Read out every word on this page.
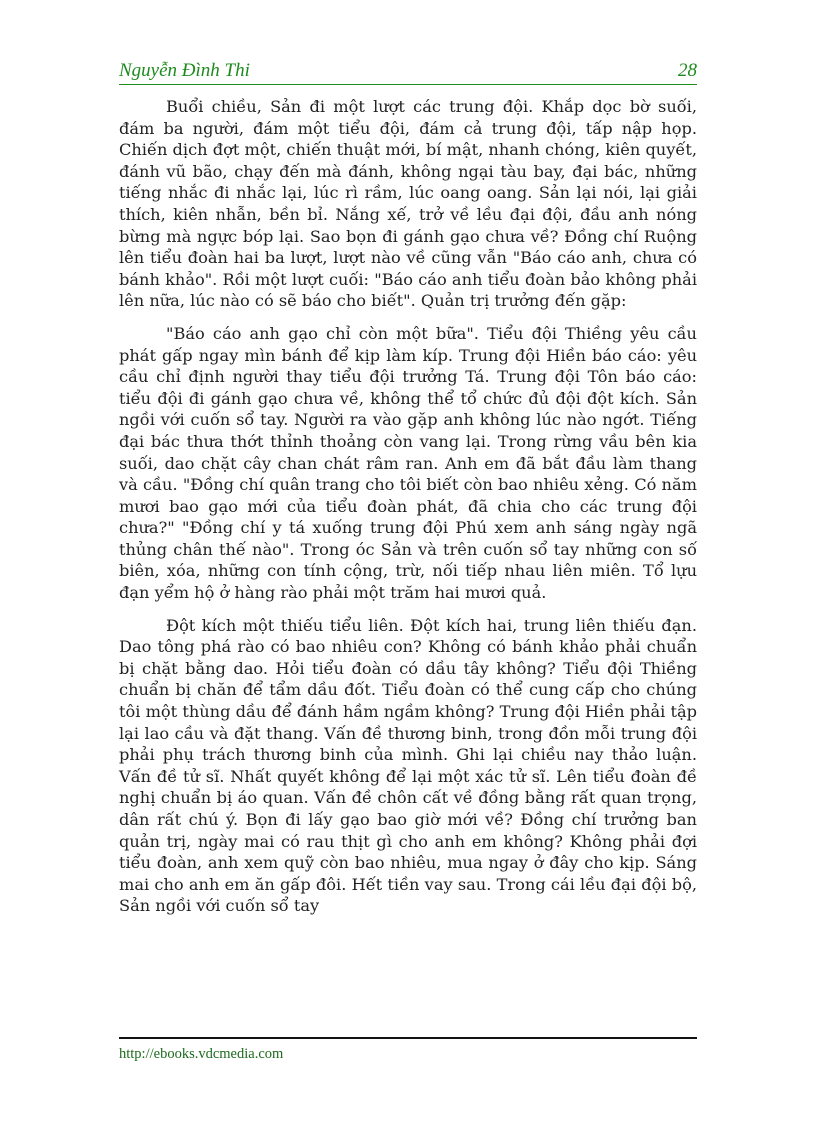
Nguyễn Đình Thi	28

Buổi chiều, Sản đi một lượt các trung đội. Khắp dọc bờ suối, đám ba người, đám một tiểu đội, đám cả trung đội, tấp nập họp. Chiến dịch đợt một, chiến thuật mới, bí mật, nhanh chóng, kiên quyết, đánh vũ bão, chạy đến mà đánh, không ngại tàu bay, đại bác, những tiếng nhắc đi nhắc lại, lúc rì rầm, lúc oang oang. Sản lại nói, lại giải thích, kiên nhẫn, bền bỉ. Nắng xế, trở về lều đại đội, đầu anh nóng bừng mà ngực bóp lại. Sao bọn đi gánh gạo chưa về? Đồng chí Ruộng lên tiểu đoàn hai ba lượt, lượt nào về cũng vẫn "Báo cáo anh, chưa có bánh khảo". Rồi một lượt cuối: "Báo cáo anh tiểu đoàn bảo không phải lên nữa, lúc nào có sẽ báo cho biết". Quản trị trưởng đến gặp:

"Báo cáo anh gạo chỉ còn một bữa". Tiểu đội Thiềng yêu cầu phát gấp ngay mìn bánh để kịp làm kíp. Trung đội Hiền báo cáo: yêu cầu chỉ định người thay tiểu đội trưởng Tá. Trung đội Tôn báo cáo: tiểu đội đi gánh gạo chưa về, không thể tổ chức đủ đội đột kích. Sản ngồi với cuốn sổ tay. Người ra vào gặp anh không lúc nào ngớt. Tiếng đại bác thưa thớt thỉnh thoảng còn vang lại. Trong rừng vầu bên kia suối, dao chặt cây chan chát râm ran. Anh em đã bắt đầu làm thang và cầu. "Đồng chí quân trang cho tôi biết còn bao nhiêu xẻng. Có năm mươi bao gạo mới của tiểu đoàn phát, đã chia cho các trung đội chưa?" "Đồng chí y tá xuống trung đội Phú xem anh sáng ngày ngã thủng chân thế nào". Trong óc Sản và trên cuốn sổ tay những con số biên, xóa, những con tính cộng, trừ, nối tiếp nhau liên miên. Tổ lựu đạn yểm hộ ở hàng rào phải một trăm hai mươi quả.

Đột kích một thiếu tiểu liên. Đột kích hai, trung liên thiếu đạn. Dao tông phá rào có bao nhiêu con? Không có bánh khảo phải chuẩn bị chặt bằng dao. Hỏi tiểu đoàn có dầu tây không? Tiểu đội Thiềng chuẩn bị chăn để tẩm dầu đốt. Tiểu đoàn có thể cung cấp cho chúng tôi một thùng dầu để đánh hầm ngầm không? Trung đội Hiền phải tập lại lao cầu và đặt thang. Vấn đề thương binh, trong đồn mỗi trung đội phải phụ trách thương binh của mình. Ghi lại chiều nay thảo luận. Vấn đề tử sĩ. Nhất quyết không để lại một xác tử sĩ. Lên tiểu đoàn đề nghị chuẩn bị áo quan. Vấn đề chôn cất về đồng bằng rất quan trọng, dân rất chú ý. Bọn đi lấy gạo bao giờ mới về? Đồng chí trưởng ban quản trị, ngày mai có rau thịt gì cho anh em không? Không phải đợi tiểu đoàn, anh xem quỹ còn bao nhiêu, mua ngay ở đây cho kịp. Sáng mai cho anh em ăn gấp đôi. Hết tiền vay sau. Trong cái lều đại đội bộ, Sản ngồi với cuốn sổ tay

http://ebooks.vdcmedia.com
